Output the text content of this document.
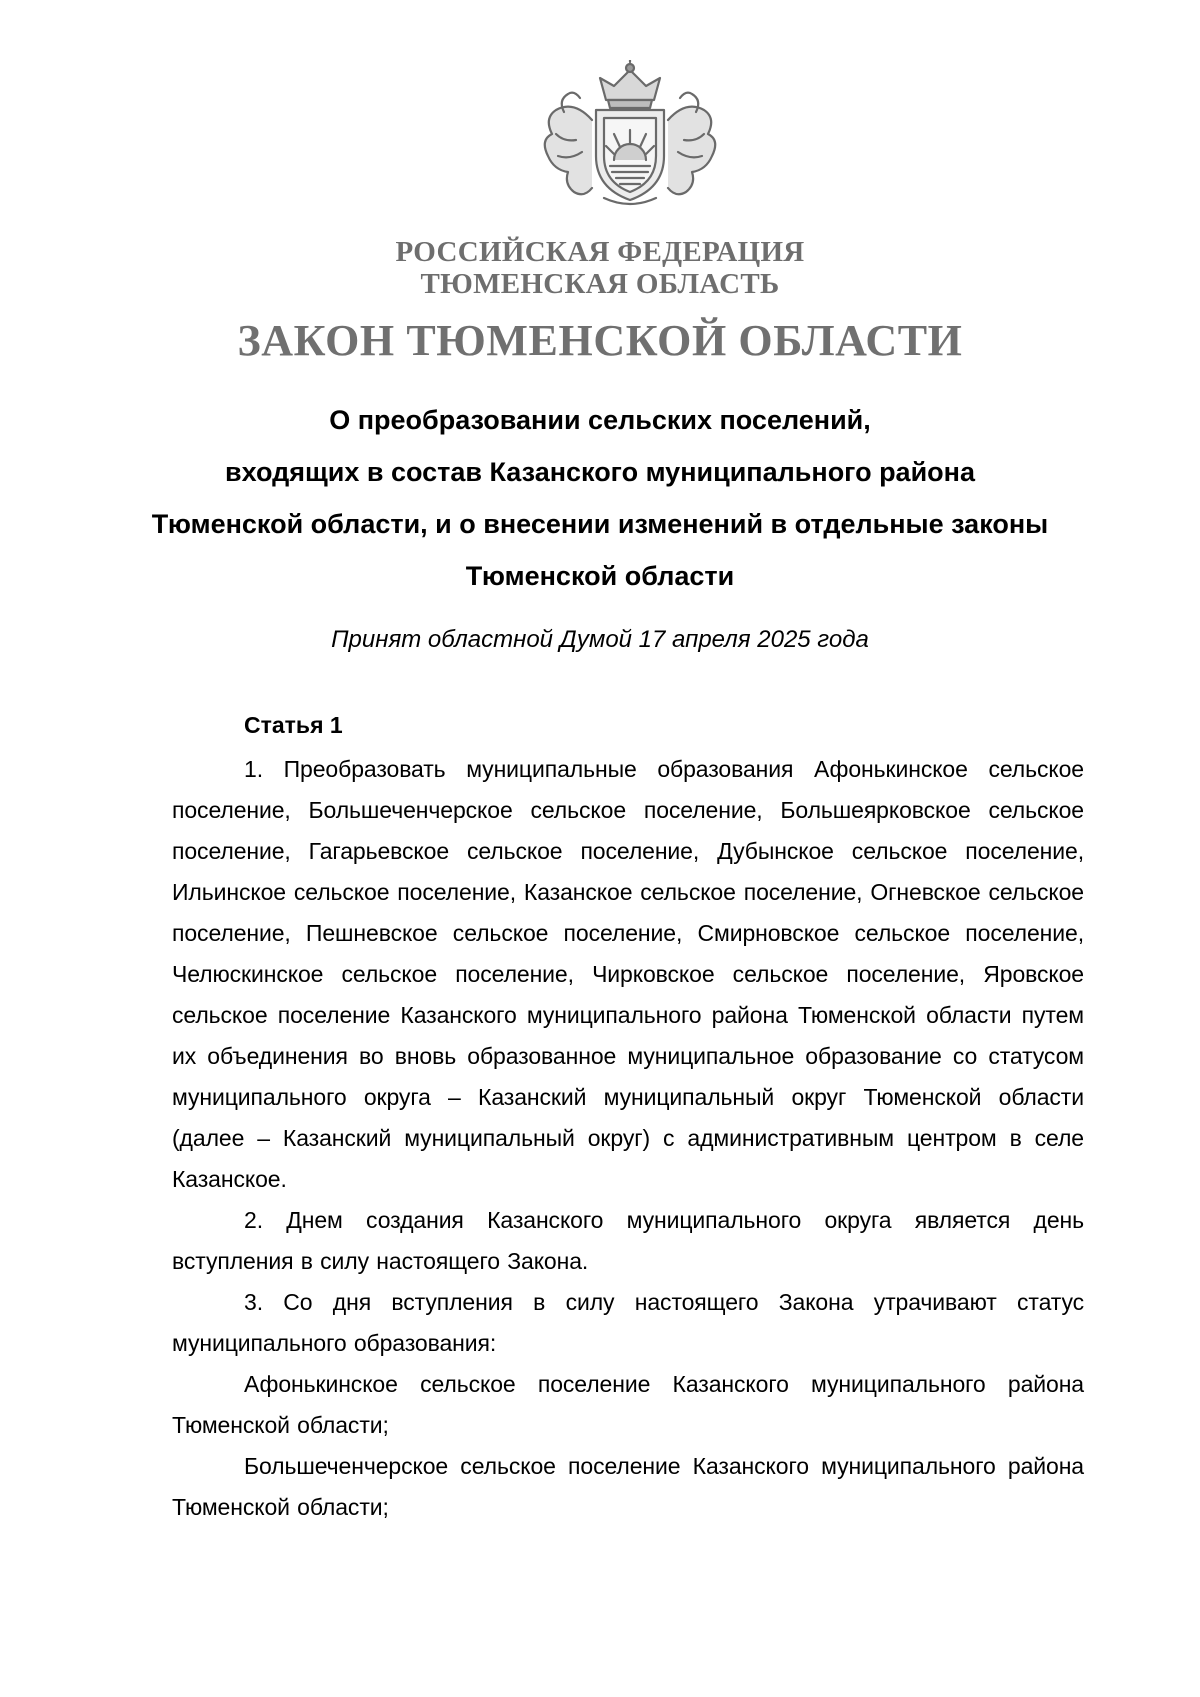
РОССИЙСКАЯ ФЕДЕРАЦИЯ
ТЮМЕНСКАЯ ОБЛАСТЬ
ЗАКОН ТЮМЕНСКОЙ ОБЛАСТИ
О преобразовании сельских поселений,
входящих в состав Казанского муниципального района
Тюменской области, и о внесении изменений в отдельные законы
Тюменской области
Принят областной Думой 17 апреля 2025 года
Статья 1

1. Преобразовать муниципальные образования Афонькинское сельское поселение, Большеченчерское сельское поселение, Большеярковское сельское поселение, Гагарьевское сельское поселение, Дубынское сельское поселение, Ильинское сельское поселение, Казанское сельское поселение, Огневское сельское поселение, Пешневское сельское поселение, Смирновское сельское поселение, Челюскинское сельское поселение, Чирковское сельское поселение, Яровское сельское поселение Казанского муниципального района Тюменской области путем их объединения во вновь образованное муниципальное образование со статусом муниципального округа – Казанский муниципальный округ Тюменской области (далее – Казанский муниципальный округ) с административным центром в селе Казанское.

2. Днем создания Казанского муниципального округа является день вступления в силу настоящего Закона.

3. Со дня вступления в силу настоящего Закона утрачивают статус муниципального образования:

Афонькинское сельское поселение Казанского муниципального района Тюменской области;

Большеченчерское сельское поселение Казанского муниципального района Тюменской области;
